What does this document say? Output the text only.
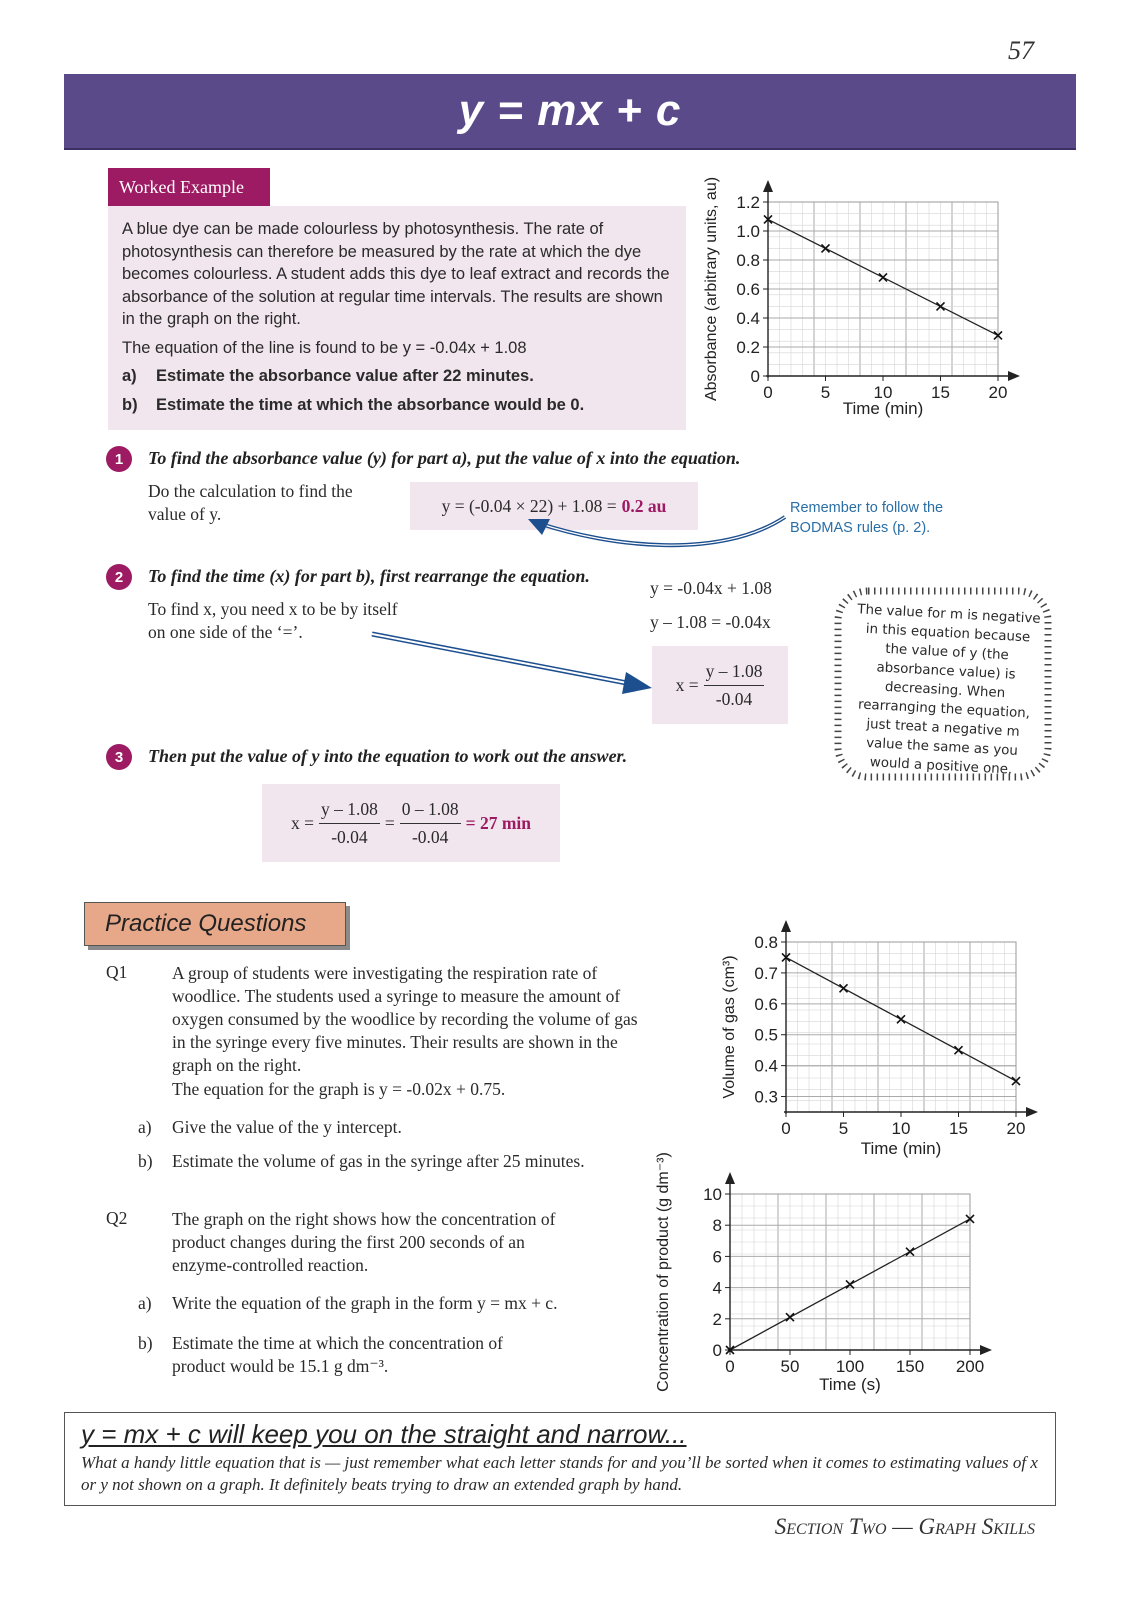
57
y = mx + c
Worked Example

A blue dye can be made colourless by photosynthesis. The rate of photosynthesis can therefore be measured by the rate at which the dye becomes colourless. A student adds this dye to leaf extract and records the absorbance of the solution at regular time intervals. The results are shown in the graph on the right.

The equation of the line is found to be y = -0.04x + 1.08

a)	Estimate the absorbance value after 22 minutes.
b)	Estimate the time at which the absorbance would be 0.
0	5	10 15 20
0
0.2
0.4
0.6
0.8
1.0
1.2
Time (min)
Absorbance (arbitrary units, au)
1	To find the absorbance value (y) for part a), put the value of x into the equation.
Do the calculation to find the value of y.	y = (-0.04 × 22) + 1.08 = 0.2 au	Remember to follow the BODMAS rules (p. 2).
2	To find the time (x) for part b), first rearrange the equation.
To find x, you need x to be by itself on one side of the ‘=’.
y = -0.04x + 1.08
y – 1.08 = -0.04x
$x = \frac{y - 1.08}{-0.04}$
The value for m is negative in this equation because the value of y (the absorbance value) is decreasing. When rearranging the equation, just treat a negative m value the same as you would a positive one.
3	Then put the value of y into the equation to work out the answer.
$x = \frac{y - 1.08}{-0.04} = \frac{0 - 1.08}{-0.04} = 27$ min
Practice Questions
Q1	A group of students were investigating the respiration rate of woodlice. The students used a syringe to measure the amount of oxygen consumed by the woodlice by recording the volume of gas in the syringe every five minutes. Their results are shown in the graph on the right.
The equation for the graph is y = -0.02x + 0.75.
a) Give the value of the y intercept.
b) Estimate the volume of gas in the syringe after 25 minutes.
0	5	10 15 20
0.3
0.4
0.5
0.6
0.7
0.8
Time (min)
Volume of gas (cm³)
Q2	The graph on the right shows how the concentration of product changes during the first 200 seconds of an enzyme-controlled reaction.
a) Write the equation of the graph in the form y = mx + c.
b) Estimate the time at which the concentration of product would be 15.1 g dm⁻³.	0	50 100 150 200
0
2
4
6
8
10
Time (s)
Concentration of product (g dm⁻³)
y = mx + c will keep you on the straight and narrow...
What a handy little equation that is — just remember what each letter stands for and you’ll be sorted when it comes to estimating values of x or y not shown on a graph. It definitely beats trying to draw an extended graph by hand.
Section Two — Graph Skills
